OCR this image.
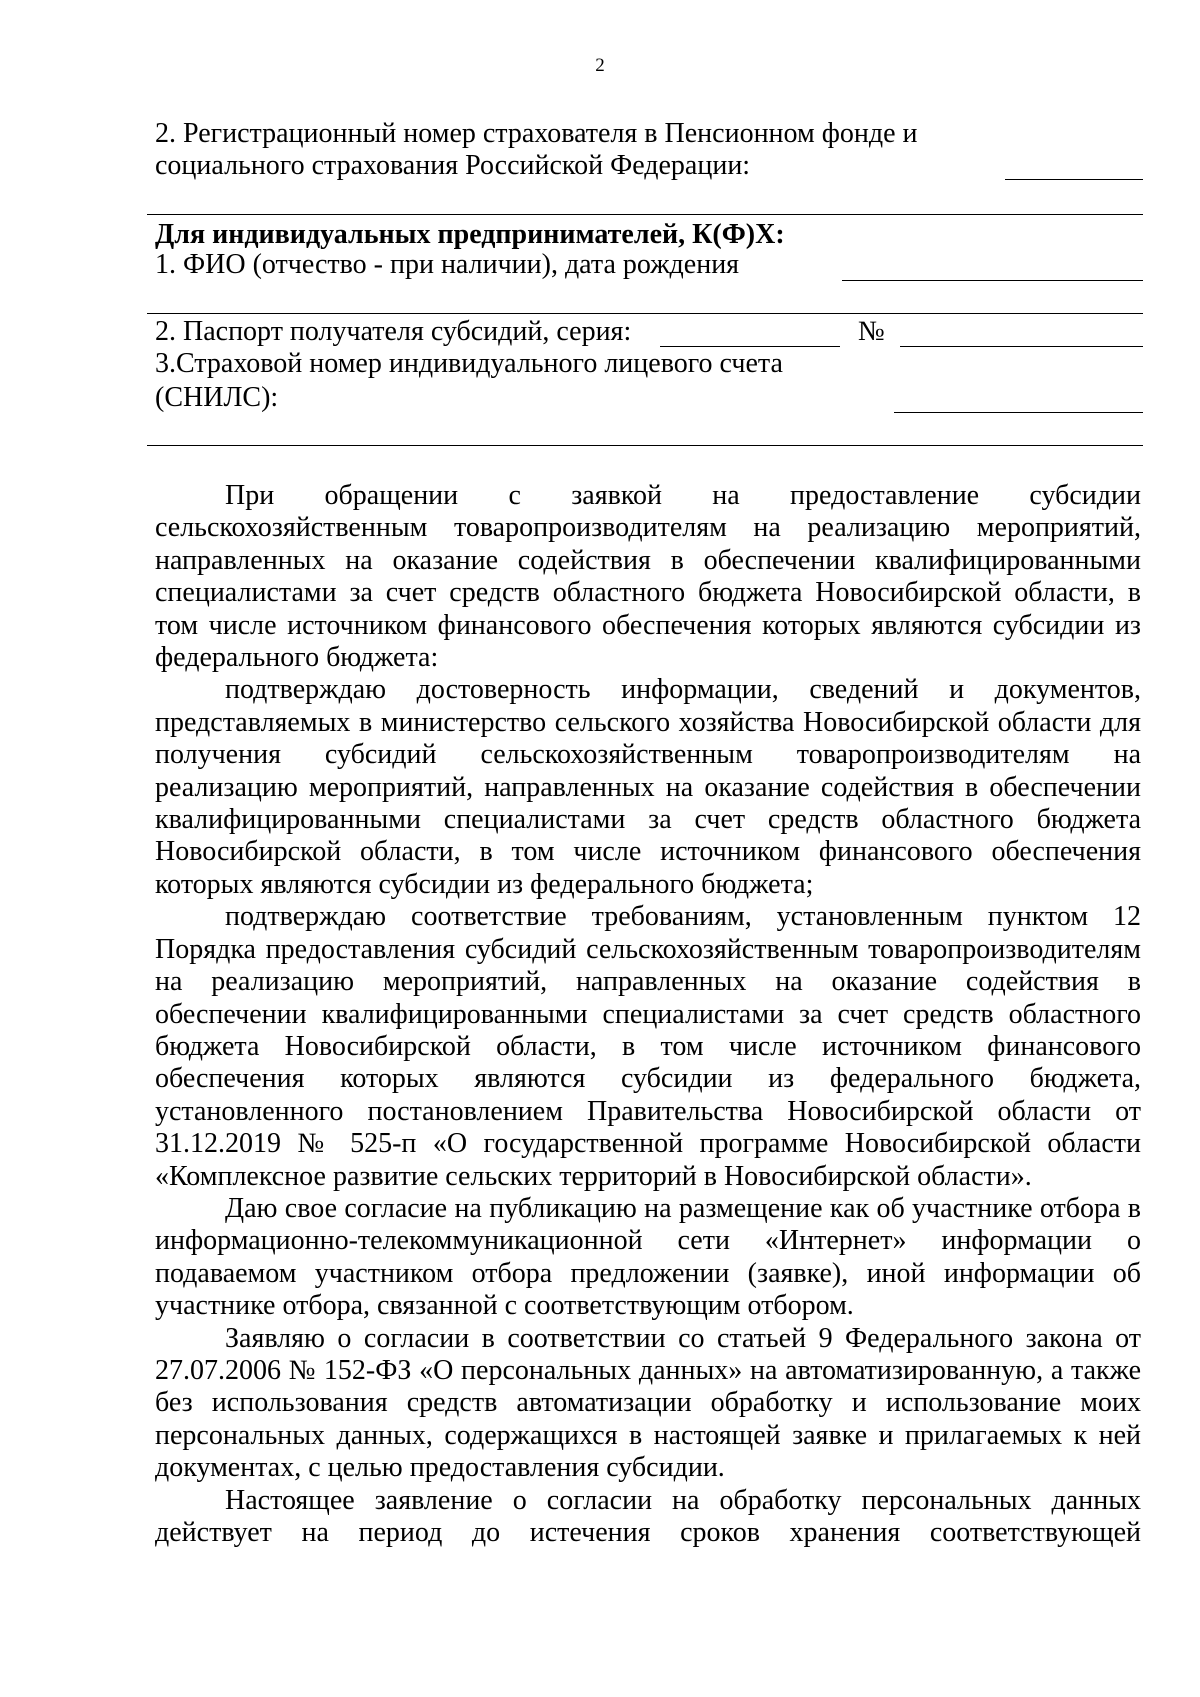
2
2. Регистрационный номер страхователя в Пенсионном фонде и
социального страхования Российской Федерации:
Для индивидуальных предпринимателей, К(Ф)Х:
1. ФИО (отчество - при наличии), дата рождения
2. Паспорт получателя субсидий, серия:	№
3.Страховой номер индивидуального лицевого счета
(СНИЛС):

При обращении с заявкой на предоставление субсидии сельскохозяйственным товаропроизводителям на реализацию мероприятий, направленных на оказание содействия в обеспечении квалифицированными специалистами за счет средств областного бюджета Новосибирской области, в том числе источником финансового обеспечения которых являются субсидии из федерального бюджета:

подтверждаю достоверность информации, сведений и документов, представляемых в министерство сельского хозяйства Новосибирской области для получения субсидий сельскохозяйственным товаропроизводителям на реализацию мероприятий, направленных на оказание содействия в обеспечении квалифицированными специалистами за счет средств областного бюджета Новосибирской области, в том числе источником финансового обеспечения которых являются субсидии из федерального бюджета;

подтверждаю соответствие требованиям, установленным пунктом 12 Порядка предоставления субсидий сельскохозяйственным товаропроизводителям на реализацию мероприятий, направленных на оказание содействия в обеспечении квалифицированными специалистами за счет средств областного бюджета Новосибирской области, в том числе источником финансового обеспечения которых являются субсидии из федерального бюджета, установленного постановлением Правительства Новосибирской области от 31.12.2019 № 525-п «О государственной программе Новосибирской области «Комплексное развитие сельских территорий в Новосибирской области».

Даю свое согласие на публикацию на размещение как об участнике отбора в информационно-телекоммуникационной сети «Интернет» информации о подаваемом участником отбора предложении (заявке), иной информации об участнике отбора, связанной с соответствующим отбором.

Заявляю о согласии в соответствии со статьей 9 Федерального закона от 27.07.2006 № 152-ФЗ «О персональных данных» на автоматизированную, а также без использования средств автоматизации обработку и использование моих персональных данных, содержащихся в настоящей заявке и прилагаемых к ней документах, с целью предоставления субсидии.

Настоящее заявление о согласии на обработку персональных данных действует на период до истечения сроков хранения соответствующей
